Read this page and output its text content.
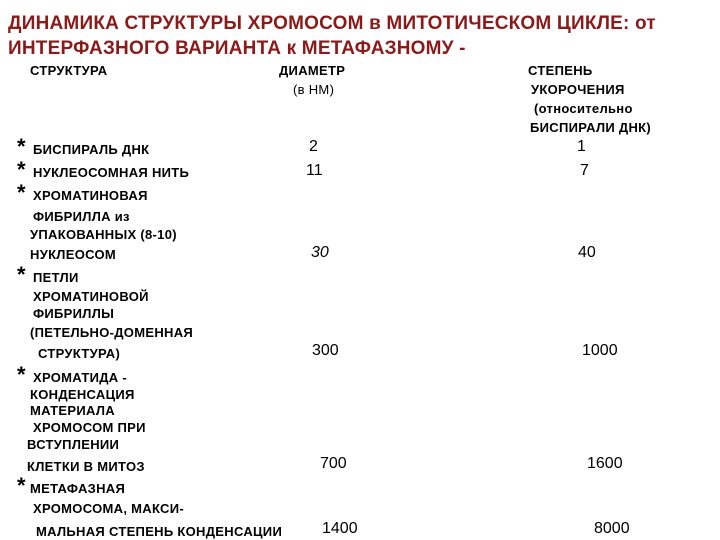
ДИНАМИКА СТРУКТУРЫ ХРОМОСОМ в МИТОТИЧЕСКОМ ЦИКЛЕ: от
ИНТЕРФАЗНОГО ВАРИАНТА к МЕТАФАЗНОМУ -
СТРУКТУРА	ДИАМЕТР
(в НМ)
СТЕПЕНЬ
УКОРОЧЕНИЯ
(относительно
БИСПИРАЛИ ДНК)
* БИСПИРАЛЬ ДНК	2	1
* НУКЛЕОСОМНАЯ НИТЬ	11	7
* ХРОМАТИНОВАЯ
ФИБРИЛЛА из
УПАКОВАННЫХ (8-10)
НУКЛЕОСОМ	30	40
* ПЕТЛИ
ХРОМАТИНОВОЙ
ФИБРИЛЛЫ
(ПЕТЕЛЬНО-ДОМЕННАЯ
СТРУКТУРА)	300	1000
* ХРОМАТИДА -
КОНДЕНСАЦИЯ
МАТЕРИАЛА
ХРОМОСОМ ПРИ
ВСТУПЛЕНИИ
КЛЕТКИ В МИТОЗ	700	1600
* МЕТАФАЗНАЯ
ХРОМОСОМА, МАКСИ-
МАЛЬНАЯ СТЕПЕНЬ КОНДЕНСАЦИИ 1400	8000
